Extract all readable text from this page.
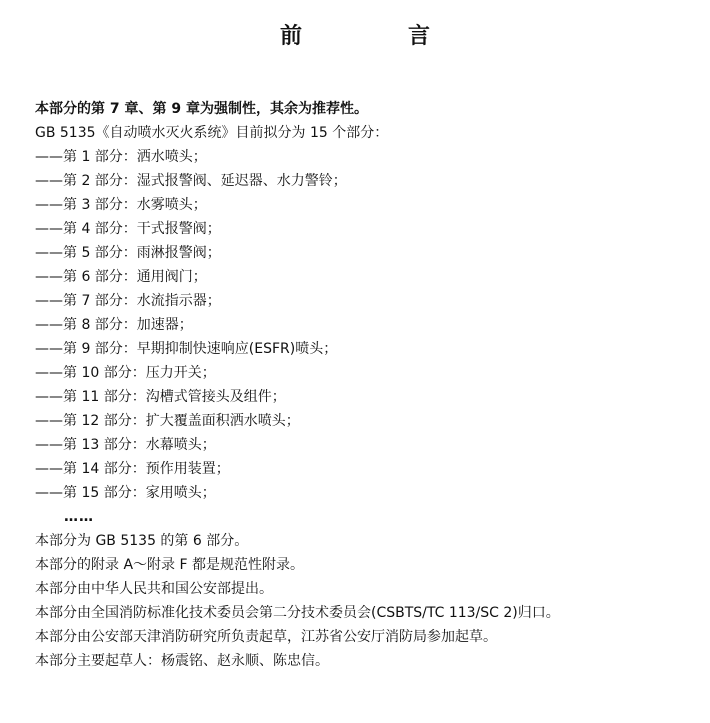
前　言
本部分的第 7 章、第 9 章为强制性，其余为推荐性。
GB 5135《自动喷水灭火系统》目前拟分为 15 个部分：
——第 1 部分：洒水喷头；
——第 2 部分：湿式报警阀、延迟器、水力警铃；
——第 3 部分：水雾喷头；
——第 4 部分：干式报警阀；
——第 5 部分：雨淋报警阀；
——第 6 部分：通用阀门；
——第 7 部分：水流指示器；
——第 8 部分：加速器；
——第 9 部分：早期抑制快速响应(ESFR)喷头；
——第 10 部分：压力开关；
——第 11 部分：沟槽式管接头及组件；
——第 12 部分：扩大覆盖面积洒水喷头；
——第 13 部分：水幕喷头；
——第 14 部分：预作用装置；
——第 15 部分：家用喷头；
……
本部分为 GB 5135 的第 6 部分。
本部分的附录 A～附录 F 都是规范性附录。
本部分由中华人民共和国公安部提出。
本部分由全国消防标准化技术委员会第二分技术委员会(CSBTS/TC 113/SC 2)归口。
本部分由公安部天津消防研究所负责起草，江苏省公安厅消防局参加起草。
本部分主要起草人：杨震铭、赵永顺、陈忠信。
